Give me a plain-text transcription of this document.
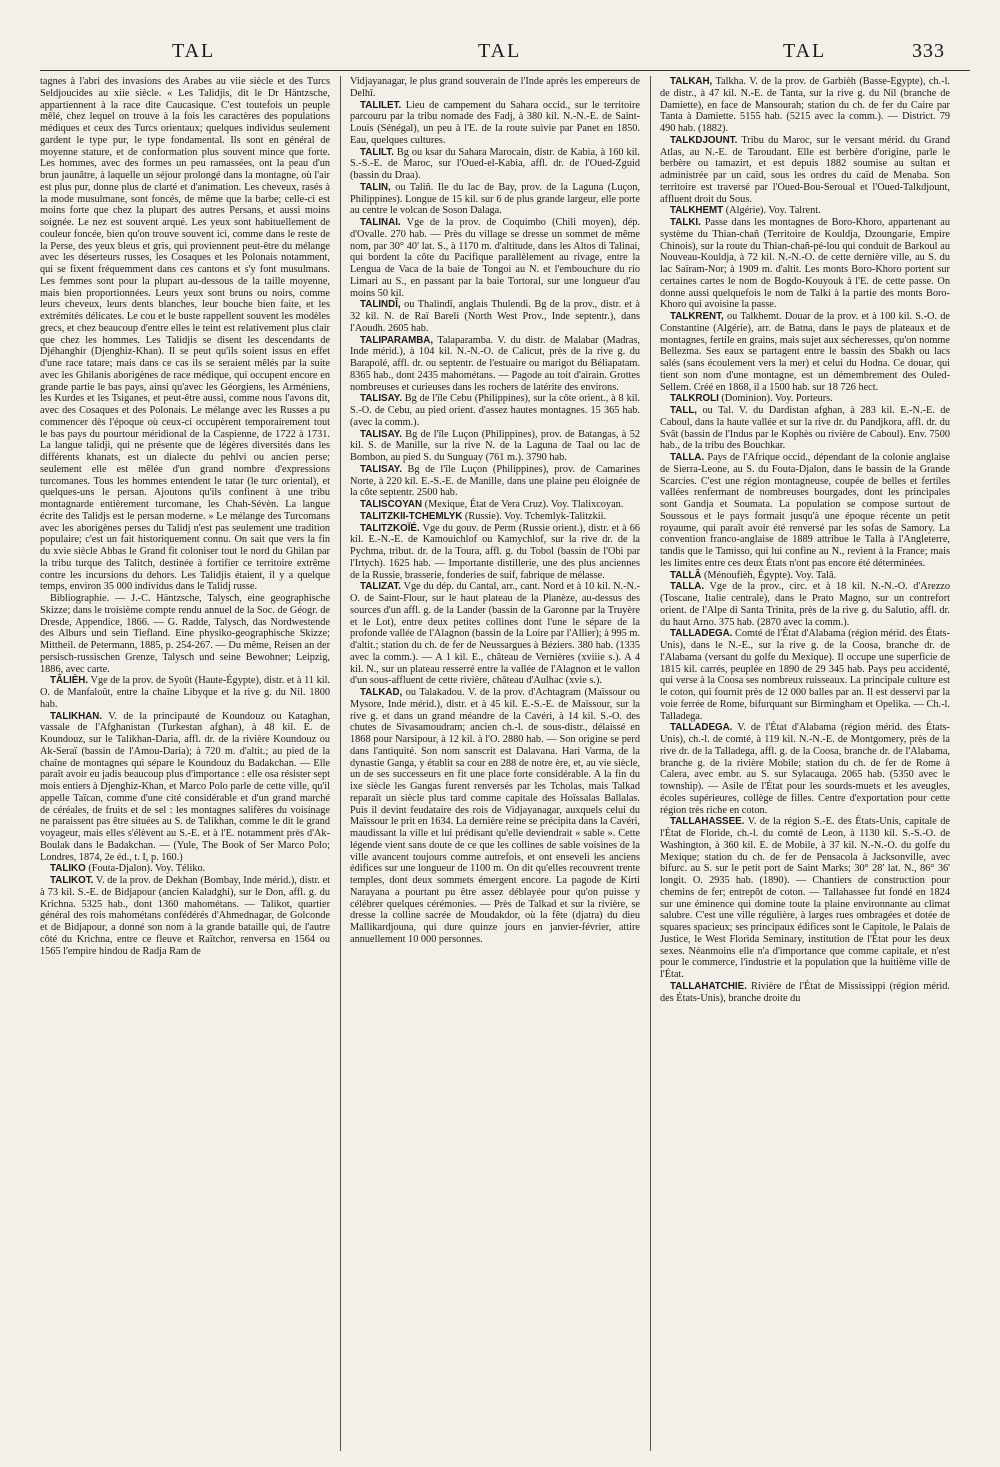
TAL	TAL	TAL	333

tagnes à l'abri des invasions des Arabes au viie siècle et des Turcs Seldjoucides au xiie siècle. « Les Talidjis, dit le Dr Häntzsche, appartiennent à la race dite Caucasique. C'est toutefois un peuple mêlé, chez lequel on trouve à la fois les caractères des populations médiques et ceux des Turcs orientaux; quelques individus seulement gardent le type pur, le type fondamental. Ils sont en général de moyenne stature, et de conformation plus souvent mince que forte. Les hommes, avec des formes un peu ramassées, ont la peau d'un brun jaunâtre, à laquelle un séjour prolongé dans la montagne, où l'air est plus pur, donne plus de clarté et d'animation. Les cheveux, rasés à la mode musulmane, sont foncés, de même que la barbe; celle-ci est moins forte que chez la plupart des autres Persans, et aussi moins soignée. Le nez est souvent arqué. Les yeux sont habituellement de couleur foncée, bien qu'on trouve souvent ici, comme dans le reste de la Perse, des yeux bleus et gris, qui proviennent peut-être du mélange avec les déserteurs russes, les Cosaques et les Polonais notamment, qui se fixent fréquemment dans ces cantons et s'y font musulmans. Les femmes sont pour la plupart au-dessous de la taille moyenne, mais bien proportionnées. Leurs yeux sont bruns ou noirs, comme leurs cheveux, leurs dents blanches, leur bouche bien faite, et les extrémités délicates. Le cou et le buste rappellent souvent les modèles grecs, et chez beaucoup d'entre elles le teint est relativement plus clair que chez les hommes. Les Talidjis se disent les descendants de Djéhanghir (Djenghiz-Khan). Il se peut qu'ils soient issus en effet d'une race tatare; mais dans ce cas ils se seraient mêlés par la suite avec les Ghilanis aborigènes de race médique, qui occupent encore en grande partie le bas pays, ainsi qu'avec les Géorgiens, les Arméniens, les Kurdes et les Tsiganes, et peut-être aussi, comme nous l'avons dit, avec des Cosaques et des Polonais. Le mélange avec les Russes a pu commencer dès l'époque où ceux-ci occupèrent temporairement tout le bas pays du pourtour méridional de la Caspienne, de 1722 à 1731. La langue talidji, qui ne présente que de légères diversités dans les différents khanats, est un dialecte du pehlvi ou ancien perse; seulement elle est mêlée d'un grand nombre d'expressions turcomanes. Tous les hommes entendent le tatar (le turc oriental), et quelques-uns le persan. Ajoutons qu'ils confinent à une tribu montagnarde entièrement turcomane, les Chah-Sévèn. La langue écrite des Talidjs est le persan moderne. » Le mélange des Turcomans avec les aborigènes perses du Talidj n'est pas seulement une tradition populaire; c'est un fait historiquement connu. On sait que vers la fin du xvie siècle Abbas le Grand fit coloniser tout le nord du Ghilan par la tribu turque des Talitch, destinée à fortifier ce territoire extrême contre les incursions du dehors. Les Talidjis étaient, il y a quelque temps, environ 35 000 individus dans le Talidj russe.

Bibliographie. — J.-C. Häntzsche, Talysch, eine geographische Skizze; dans le troisième compte rendu annuel de la Soc. de Géogr. de Dresde, Appendice, 1866. — G. Radde, Talysch, das Nordwestende des Alburs und sein Tiefland. Eine physiko-geographische Skizze; Mittheil. de Petermann, 1885, p. 254-267. — Du même, Reisen an der persisch-russischen Grenze, Talysch und seine Bewohner; Leipzig, 1886, avec carte.

TÂLIÈH. Vge de la prov. de Syoût (Haute-Égypte), distr. et à 11 kil. O. de Manfaloût, entre la chaîne Libyque et la rive g. du Nil. 1800 hab.

TALIKHAN. V. de la principauté de Koundouz ou Kataghan, vassale de l'Afghanistan (Turkestan afghan), à 48 kil. E. de Koundouz, sur le Talikhan-Daria, affl. dr. de la rivière Koundouz ou Ak-Seraï (bassin de l'Amou-Daria); à 720 m. d'altit.; au pied de la chaîne de montagnes qui sépare le Koundouz du Badakchan. — Elle paraît avoir eu jadis beaucoup plus d'importance : elle osa résister sept mois entiers à Djenghiz-Khan, et Marco Polo parle de cette ville, qu'il appelle Taïcan, comme d'une cité considérable et d'un grand marché de céréales, de fruits et de sel : les montagnes salifères du voisinage ne paraissent pas être situées au S. de Talikhan, comme le dit le grand voyageur, mais elles s'élèvent au S.-E. et à l'E. notamment près d'Ak-Boulak dans le Badakchan. — (Yule, The Book of Ser Marco Polo; Londres, 1874, 2e éd., t. I, p. 160.)

TALIKO (Fouta-Djalon). Voy. Téliko.

TALIKOT. V. de la prov. de Dekhan (Bombay, Inde mérid.), distr. et à 73 kil. S.-E. de Bidjapour (ancien Kaladghi), sur le Don, affl. g. du Krichna. 5325 hab., dont 1360 mahométans. — Talikot, quartier général des rois mahométans confédérés d'Ahmednagar, de Golconde et de Bidjapour, a donné son nom à la grande bataille qui, de l'autre côté du Krichna, entre ce fleuve et Raïtchor, renversa en 1564 ou 1565 l'empire hindou de Radja Ram de

Vidjayanagar, le plus grand souverain de l'Inde après les empereurs de Delhî.

TALILET. Lieu de campement du Sahara occid., sur le territoire parcouru par la tribu nomade des Fadj, à 380 kil. N.-N.-E. de Saint-Louis (Sénégal), un peu à l'E. de la route suivie par Panet en 1850. Eau, quelques cultures.

TALILT. Bg ou ksar du Sahara Marocain, distr. de Kabia, à 160 kil. S.-S.-E. de Maroc, sur l'Oued-el-Kabia, affl. dr. de l'Oued-Zguid (bassin du Draa).

TALIN, ou Taliñ. Ile du lac de Bay, prov. de la Laguna (Luçon, Philippines). Longue de 15 kil. sur 6 de plus grande largeur, elle porte au centre le volcan de Soson Dalaga.

TALINAI. Vge de la prov. de Coquimbo (Chili moyen), dép. d'Ovalle. 270 hab. — Près du village se dresse un sommet de même nom, par 30° 40' lat. S., à 1170 m. d'altitude, dans les Altos di Talinai, qui bordent la côte du Pacifique parallèlement au rivage, entre la Lengua de Vaca de la baie de Tongoi au N. et l'embouchure du rio Limari au S., en passant par la baie Tortoral, sur une longueur d'au moins 50 kil.

TALINDÎ, ou Thalindî, anglais Thulendi. Bg de la prov., distr. et à 32 kil. N. de Raï Bareli (North West Prov., Inde septentr.), dans l'Aoudh. 2605 hab.

TALIPARAMBA, Talaparamba. V. du distr. de Malabar (Madras, Inde mérid.), à 104 kil. N.-N.-O. de Calicut, près de la rive g. du Barapolé, affl. dr. ou septentr. de l'estuaire ou marigot du Béliapatam. 8365 hab., dont 2435 mahométans. — Pagode au toit d'airain. Grottes nombreuses et curieuses dans les rochers de latérite des environs.

TALISAY. Bg de l'île Cebu (Philippines), sur la côte orient., à 8 kil. S.-O. de Cebu, au pied orient. d'assez hautes montagnes. 15 365 hab. (avec la comm.).

TALISAY. Bg de l'île Luçon (Philippines), prov. de Batangas, à 52 kil. S. de Manille, sur la rive N. de la Laguna de Taal ou lac de Bombon, au pied S. du Sunguay (761 m.). 3790 hab.

TALISAY. Bg de l'île Luçon (Philippines), prov. de Camarines Norte, à 220 kil. E.-S.-E. de Manille, dans une plaine peu éloignée de la côte septentr. 2500 hab.

TALISCOYAN (Mexique, État de Vera Cruz). Voy. Tlalixcoyan.

TALITZKII-TCHEMLYK (Russie). Voy. Tchemlyk-Talitzkii.

TALITZKOÏÉ. Vge du gouv. de Perm (Russie orient.), distr. et à 66 kil. E.-N.-E. de Kamouichlof ou Kamychlof, sur la rive dr. de la Pychma, tribut. dr. de la Toura, affl. g. du Tobol (bassin de l'Obi par l'Irtych). 1625 hab. — Importante distillerie, une des plus anciennes de la Russie, brasserie, fonderies de suif, fabrique de mélasse.

TALIZAT. Vge du dép. du Cantal, arr., cant. Nord et à 10 kil. N.-N.-O. de Saint-Flour, sur le haut plateau de la Planèze, au-dessus des sources d'un affl. g. de la Lander (bassin de la Garonne par la Truyère et le Lot), entre deux petites collines dont l'une le sépare de la profonde vallée de l'Alagnon (bassin de la Loire par l'Allier); à 995 m. d'altit.; station du ch. de fer de Neussargues à Béziers. 380 hab. (1335 avec la comm.). — A 1 kil. E., château de Vernières (xviiie s.). A 4 kil. N., sur un plateau resserré entre la vallée de l'Alagnon et le vallon d'un sous-affluent de cette rivière, château d'Aulhac (xvie s.).

TALKAD, ou Talakadou. V. de la prov. d'Achtagram (Maïssour ou Mysore, Inde mérid.), distr. et à 45 kil. E.-S.-E. de Maïssour, sur la rive g. et dans un grand méandre de la Cavéri, à 14 kil. S.-O. des chutes de Sivasamoudram; ancien ch.-l. de sous-distr., délaissé en 1868 pour Narsipour, à 12 kil. à l'O. 2880 hab. — Son origine se perd dans l'antiquité. Son nom sanscrit est Dalavana. Hari Varma, de la dynastie Ganga, y établit sa cour en 288 de notre ère, et, au vie siècle, un de ses successeurs en fit une place forte considérable. A la fin du ixe siècle les Gangas furent renversés par les Tcholas, mais Talkad reparaît un siècle plus tard comme capitale des Hoïssalas Ballalas. Puis il devint feudataire des rois de Vidjayanagar, auxquels celui du Maïssour le prit en 1634. La dernière reine se précipita dans la Cavéri, maudissant la ville et lui prédisant qu'elle deviendrait « sable ». Cette légende vient sans doute de ce que les collines de sable voisines de la ville avancent toujours comme autrefois, et ont enseveli les anciens édifices sur une longueur de 1100 m. On dit qu'elles recouvrent trente temples, dont deux sommets émergent encore. La pagode de Kirti Narayana a pourtant pu être assez déblayée pour qu'on puisse y célébrer quelques cérémonies. — Près de Talkad et sur la rivière, se dresse la colline sacrée de Moudakdor, où la fête (djatra) du dieu Mallikardjouna, qui dure quinze jours en janvier-février, attire annuellement 10 000 personnes.

TALKAH, Talkha. V. de la prov. de Garbièh (Basse-Égypte), ch.-l. de distr., à 47 kil. N.-E. de Tanta, sur la rive g. du Nil (branche de Damiette), en face de Mansourah; station du ch. de fer du Caire par Tanta à Damiette. 5155 hab. (5215 avec la comm.). — District. 79 490 hab. (1882).

TALKDJOUNT. Tribu du Maroc, sur le versant mérid. du Grand Atlas, au N.-E. de Taroudant. Elle est berbère d'origine, parle le berbère ou tamazirt, et est depuis 1882 soumise au sultan et administrée par un caïd, sous les ordres du caïd de Menaba. Son territoire est traversé par l'Oued-Bou-Seroual et l'Oued-Talkdjount, affluent droit du Sous.

TALKHEMT (Algérie). Voy. Talrent.

TALKI. Passe dans les montagnes de Boro-Khoro, appartenant au système du Thian-chañ (Territoire de Kouldja, Dzoungarie, Empire Chinois), sur la route du Thian-chañ-pé-lou qui conduit de Barkoul au Nouveau-Kouldja, à 72 kil. N.-N.-O. de cette dernière ville, au S. du lac Saïram-Nor; à 1909 m. d'altit. Les monts Boro-Khoro portent sur certaines cartes le nom de Bogdo-Kouyouk à l'E. de cette passe. On donne aussi quelquefois le nom de Talki à la partie des monts Boro-Khoro qui avoisine la passe.

TALKRENT, ou Talkhemt. Douar de la prov. et à 100 kil. S.-O. de Constantine (Algérie), arr. de Batna, dans le pays de plateaux et de montagnes, fertile en grains, mais sujet aux sécheresses, qu'on nomme Bellezma. Ses eaux se partagent entre le bassin des Sbakh ou lacs salés (sans écoulement vers la mer) et celui du Hodna. Ce douar, qui tient son nom d'une montagne, est un démembrement des Ouled-Sellem. Créé en 1868, il a 1500 hab. sur 18 726 hect.

TALKROLI (Dominion). Voy. Porteurs.

TALL, ou Tal. V. du Dardistan afghan, à 283 kil. E.-N.-E. de Caboul, dans la haute vallée et sur la rive dr. du Pandjkora, affl. dr. du Svât (bassin de l'Indus par le Kophès ou rivière de Caboul). Env. 7500 hab., de la tribu des Bouchkar.

TALLA. Pays de l'Afrique occid., dépendant de la colonie anglaise de Sierra-Leone, au S. du Fouta-Djalon, dans le bassin de la Grande Scarcies. C'est une région montagneuse, coupée de belles et fertiles vallées renfermant de nombreuses bourgades, dont les principales sont Gandja et Soumata. La population se compose surtout de Soussous et le pays formait jusqu'à une époque récente un petit royaume, qui paraît avoir été renversé par les sofas de Samory. La convention franco-anglaise de 1889 attribue le Talla à l'Angleterre, tandis que le Tamisso, qui lui confine au N., revient à la France; mais les limites entre ces deux États n'ont pas encore été déterminées.

TALLÂ (Ménoufièh, Égypte). Voy. Talâ.

TALLA. Vge de la prov., circ. et à 18 kil. N.-N.-O. d'Arezzo (Toscane, Italie centrale), dans le Prato Magno, sur un contrefort orient. de l'Alpe di Santa Trinita, près de la rive g. du Salutio, affl. dr. du haut Arno. 375 hab. (2870 avec la comm.).

TALLADEGA. Comté de l'État d'Alabama (région mérid. des États-Unis), dans le N.-E., sur la rive g. de la Coosa, branche dr. de l'Alabama (versant du golfe du Mexique). Il occupe une superficie de 1815 kil. carrés, peuplée en 1890 de 29 345 hab. Pays peu accidenté, qui verse à la Coosa ses nombreux ruisseaux. La principale culture est le coton, qui fournit près de 12 000 balles par an. Il est desservi par la voie ferrée de Rome, bifurquant sur Birmingham et Opelika. — Ch.-l. Talladega.

TALLADEGA. V. de l'État d'Alabama (région mérid. des États-Unis), ch.-l. de comté, à 119 kil. N.-N.-E. de Montgomery, près de la rive dr. de la Talladega, affl. g. de la Coosa, branche dr. de l'Alabama, branche g. de la rivière Mobile; station du ch. de fer de Rome à Calera, avec embr. au S. sur Sylacauga. 2065 hab. (5350 avec le township). — Asile de l'État pour les sourds-muets et les aveugles, écoles supérieures, collège de filles. Centre d'exportation pour cette région très riche en coton.

TALLAHASSEE. V. de la région S.-E. des États-Unis, capitale de l'État de Floride, ch.-l. du comté de Leon, à 1130 kil. S.-S.-O. de Washington, à 360 kil. E. de Mobile, à 37 kil. N.-N.-O. du golfe du Mexique; station du ch. de fer de Pensacola à Jacksonville, avec bifurc. au S. sur le petit port de Saint Marks; 30° 28' lat. N., 86° 36' longit. O. 2935 hab. (1890). — Chantiers de construction pour chemins de fer; entrepôt de coton. — Tallahassee fut fondé en 1824 sur une éminence qui domine toute la plaine environnante au climat salubre. C'est une ville régulière, à larges rues ombragées et dotée de squares spacieux; ses principaux édifices sont le Capitole, le Palais de Justice, le West Florida Seminary, institution de l'État pour les deux sexes. Néanmoins elle n'a d'importance que comme capitale, et n'est pour le commerce, l'industrie et la population que la huitième ville de l'État.

TALLAHATCHIE. Rivière de l'État de Mississippi (région mérid. des États-Unis), branche droite du
